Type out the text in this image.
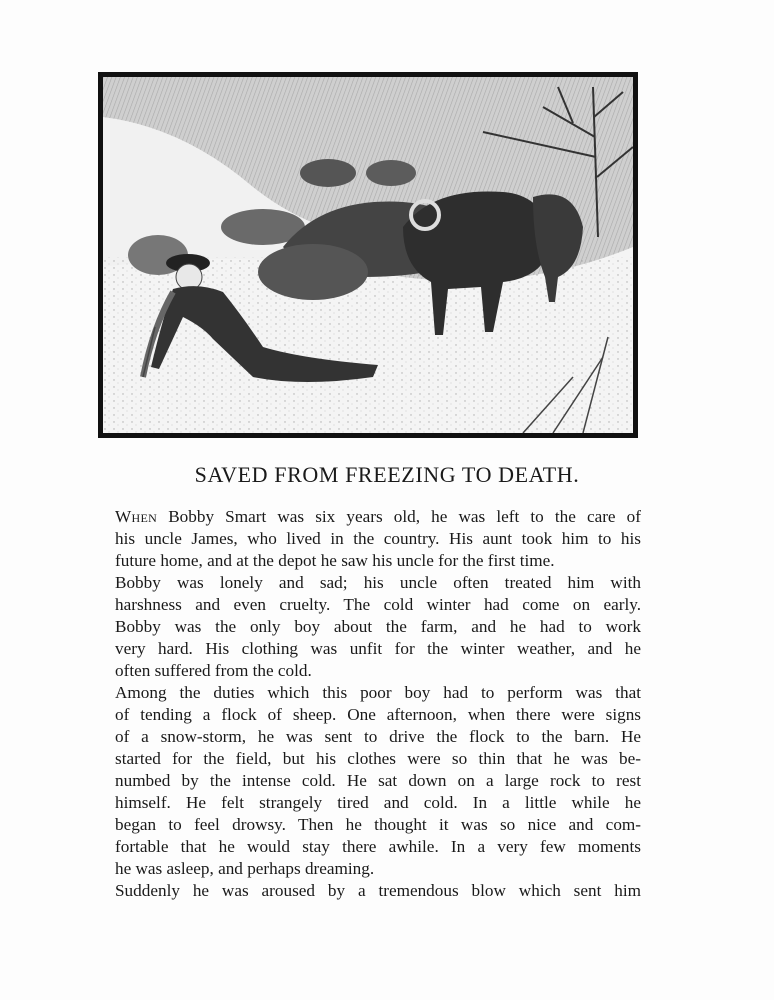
SAVED FROM FREEZING TO DEATH.

When Bobby Smart was six years old, he was left to the care of
his uncle James, who lived in the country. His aunt took him to his
future home, and at the depot he saw his uncle for the first time.

Bobby was lonely and sad; his uncle often treated him with
harshness and even cruelty. The cold winter had come on early.
Bobby was the only boy about the farm, and he had to work
very hard. His clothing was unfit for the winter weather, and he
often suffered from the cold.

Among the duties which this poor boy had to perform was that
of tending a flock of sheep. One afternoon, when there were signs
of a snow-storm, he was sent to drive the flock to the barn. He
started for the field, but his clothes were so thin that he was be-
numbed by the intense cold. He sat down on a large rock to rest
himself. He felt strangely tired and cold. In a little while he
began to feel drowsy. Then he thought it was so nice and com-
fortable that he would stay there awhile. In a very few moments
he was asleep, and perhaps dreaming.

Suddenly he was aroused by a tremendous blow which sent him
